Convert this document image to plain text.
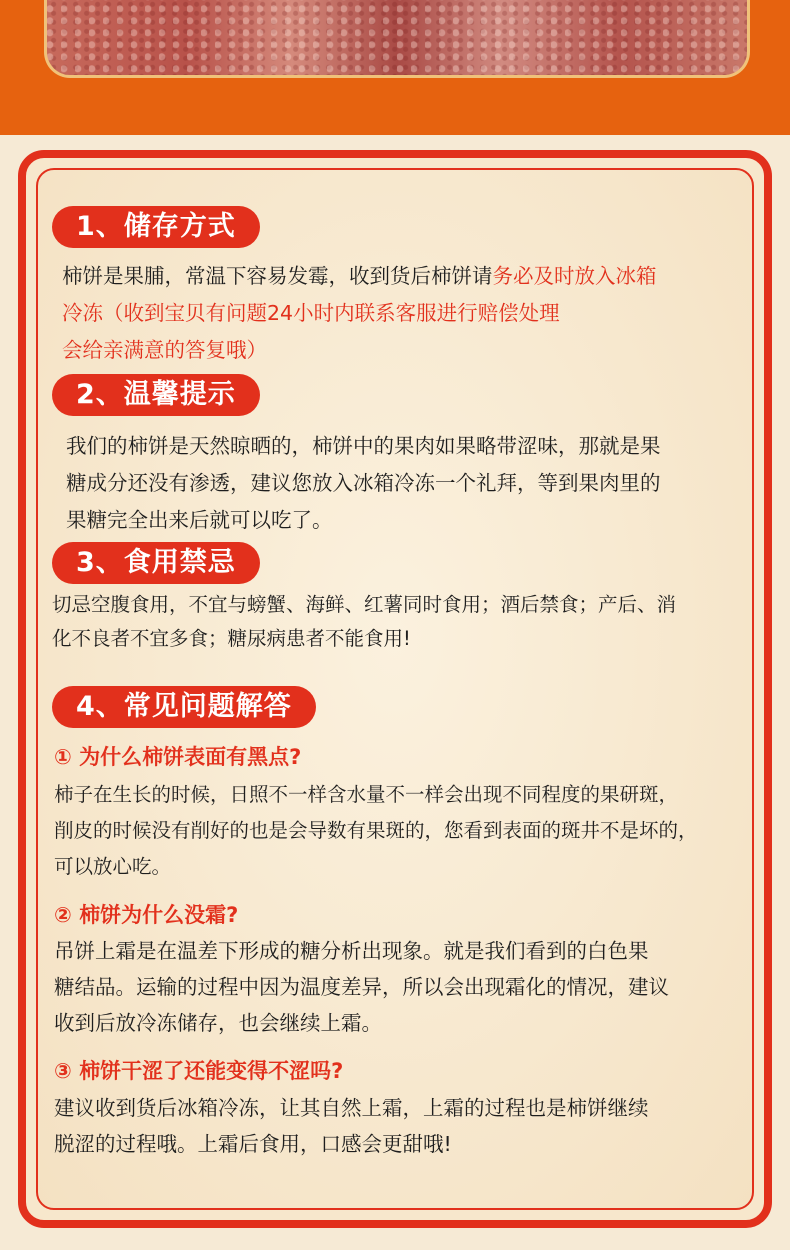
1、储存方式
柿饼是果脯，常温下容易发霉，收到货后柿饼请务必及时放入冰箱
冷冻（收到宝贝有问题24小时内联系客服进行赔偿处理
会给亲满意的答复哦）
2、温馨提示
我们的柿饼是天然晾晒的，柿饼中的果肉如果略带涩味，那就是果
糖成分还没有渗透，建议您放入冰箱冷冻一个礼拜，等到果肉里的
果糖完全出来后就可以吃了。
3、食用禁忌
切忌空腹食用，不宜与螃蟹、海鲜、红薯同时食用；酒后禁食；产后、消
化不良者不宜多食；糖尿病患者不能食用!
4、常见问题解答
① 为什么柿饼表面有黑点?
柿子在生长的时候，日照不一样含水量不一样会出现不同程度的果研斑，
削皮的时候没有削好的也是会导数有果斑的，您看到表面的斑井不是坏的，
可以放心吃。
② 柿饼为什么没霜?
吊饼上霜是在温差下形成的糖分析出现象。就是我们看到的白色果
糖结品。运输的过程中因为温度差异，所以会出现霜化的情况，建议
收到后放冷冻储存，也会继续上霜。
③ 柿饼干涩了还能变得不涩吗?
建议收到货后冰箱冷冻，让其自然上霜，上霜的过程也是柿饼继续
脱涩的过程哦。上霜后食用，口感会更甜哦!
